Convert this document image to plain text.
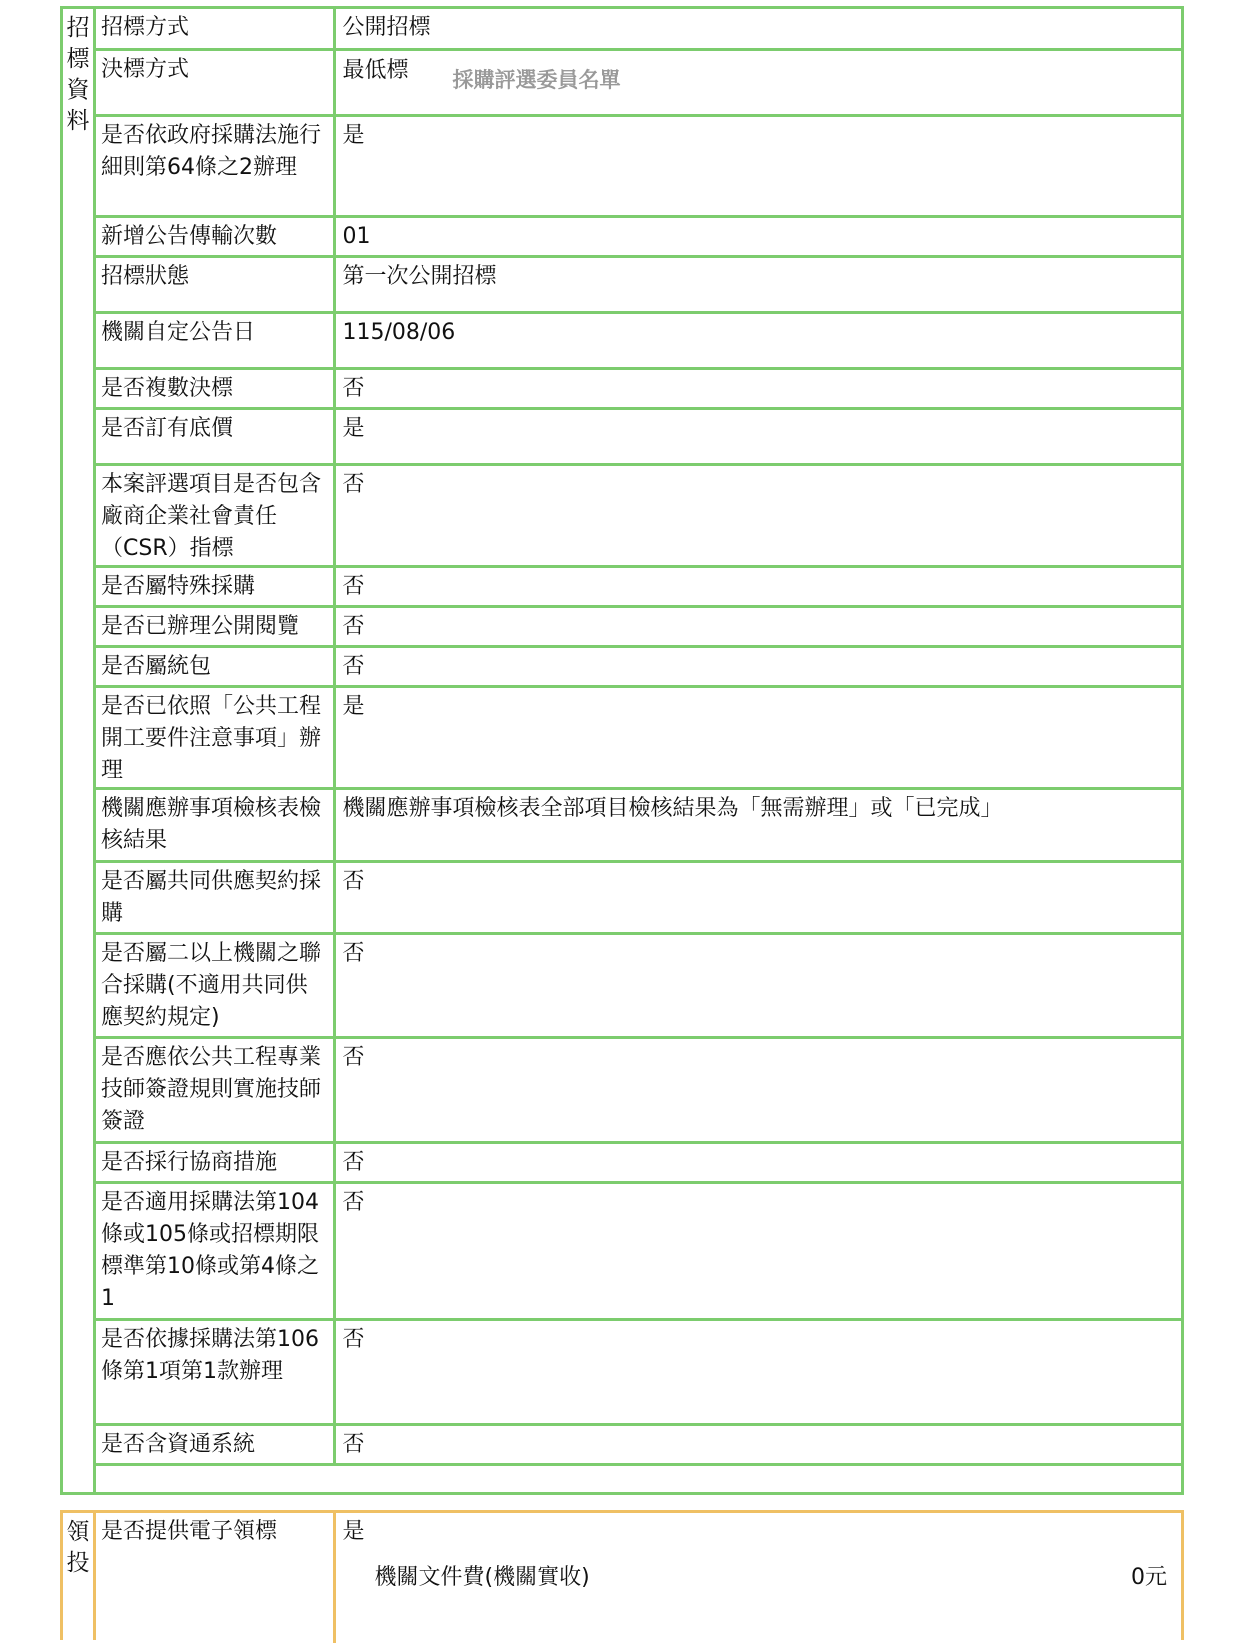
招
標
資
料
招標方式	公開招標
決標方式	最低標 採購評選委員名單
是否依政府採購法施行細則第64條之2辦理	是
新增公告傳輸次數	01
招標狀態	第一次公開招標
機關自定公告日	115/08/06
是否複數決標	否
是否訂有底價	是
本案評選項目是否包含廠商企業社會責任（CSR）指標	否
是否屬特殊採購	否
是否已辦理公開閱覽	否
是否屬統包	否
是否已依照「公共工程開工要件注意事項」辦理	是
機關應辦事項檢核表檢核結果	機關應辦事項檢核表全部項目檢核結果為「無需辦理」或「已完成」
是否屬共同供應契約採購	否
是否屬二以上機關之聯合採購(不適用共同供應契約規定)	否
是否應依公共工程專業技師簽證規則實施技師簽證	否
是否採行協商措施	否
是否適用採購法第104條或105條或招標期限標準第10條或第4條之1	否
是否依據採購法第106條第1項第1款辦理	否
是否含資通系統	否
領
投
是否提供電子領標	是
機關文件費(機關實收)	0元
